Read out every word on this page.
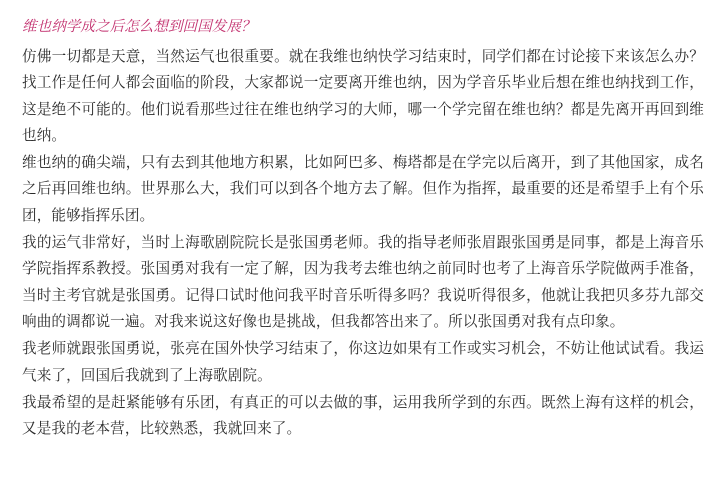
维也纳学成之后怎么想到回国发展？

仿佛一切都是天意，当然运气也很重要。就在我维也纳快学习结束时，同学们都在讨论接下来该怎么办？找工作是任何人都会面临的阶段，大家都说一定要离开维也纳，因为学音乐毕业后想在维也纳找到工作，这是绝不可能的。他们说看那些过往在维也纳学习的大师，哪一个学完留在维也纳？都是先离开再回到维也纳。

维也纳的确尖端，只有去到其他地方积累，比如阿巴多、梅塔都是在学完以后离开，到了其他国家，成名之后再回维也纳。世界那么大，我们可以到各个地方去了解。但作为指挥，最重要的还是希望手上有个乐团，能够指挥乐团。

我的运气非常好，当时上海歌剧院院长是张国勇老师。我的指导老师张眉跟张国勇是同事，都是上海音乐学院指挥系教授。张国勇对我有一定了解，因为我考去维也纳之前同时也考了上海音乐学院做两手准备，当时主考官就是张国勇。记得口试时他问我平时音乐听得多吗？我说听得很多，他就让我把贝多芬九部交响曲的调都说一遍。对我来说这好像也是挑战，但我都答出来了。所以张国勇对我有点印象。

我老师就跟张国勇说，张亮在国外快学习结束了，你这边如果有工作或实习机会，不妨让他试试看。我运气来了，回国后我就到了上海歌剧院。

我最希望的是赶紧能够有乐团，有真正的可以去做的事，运用我所学到的东西。既然上海有这样的机会，又是我的老本营，比较熟悉，我就回来了。
